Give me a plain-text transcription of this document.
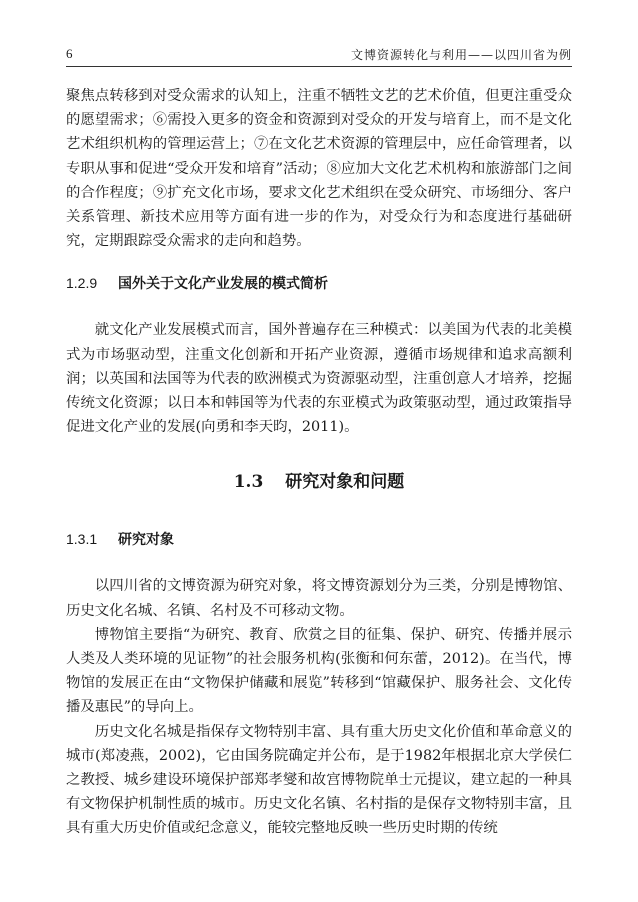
6	文博资源转化与利用——以四川省为例

聚焦点转移到对受众需求的认知上，注重不牺牲文艺的艺术价值，但更注重受众的愿望需求；⑥需投入更多的资金和资源到对受众的开发与培育上，而不是文化艺术组织机构的管理运营上；⑦在文化艺术资源的管理层中，应任命管理者，以专职从事和促进“受众开发和培育”活动；⑧应加大文化艺术机构和旅游部门之间的合作程度；⑨扩充文化市场，要求文化艺术组织在受众研究、市场细分、客户关系管理、新技术应用等方面有进一步的作为，对受众行为和态度进行基础研究，定期跟踪受众需求的走向和趋势。

1.2.9 国外关于文化产业发展的模式简析

就文化产业发展模式而言，国外普遍存在三种模式：以美国为代表的北美模式为市场驱动型，注重文化创新和开拓产业资源，遵循市场规律和追求高额利润；以英国和法国等为代表的欧洲模式为资源驱动型，注重创意人才培养，挖掘传统文化资源；以日本和韩国等为代表的东亚模式为政策驱动型，通过政策指导促进文化产业的发展(向勇和李天昀，2011)。

1.3 研究对象和问题
1.3.1 研究对象

以四川省的文博资源为研究对象，将文博资源划分为三类，分别是博物馆、历史文化名城、名镇、名村及不可移动文物。

博物馆主要指“为研究、教育、欣赏之目的征集、保护、研究、传播并展示人类及人类环境的见证物”的社会服务机构(张衡和何东蕾，2012)。在当代，博物馆的发展正在由“文物保护储藏和展览”转移到“馆藏保护、服务社会、文化传播及惠民”的导向上。

历史文化名城是指保存文物特别丰富、具有重大历史文化价值和革命意义的城市(郑凌燕，2002)，它由国务院确定并公布，是于1982年根据北京大学侯仁之教授、城乡建设环境保护部郑孝燮和故宫博物院单士元提议，建立起的一种具有文物保护机制性质的城市。历史文化名镇、名村指的是保存文物特别丰富，且具有重大历史价值或纪念意义，能较完整地反映一些历史时期的传统
